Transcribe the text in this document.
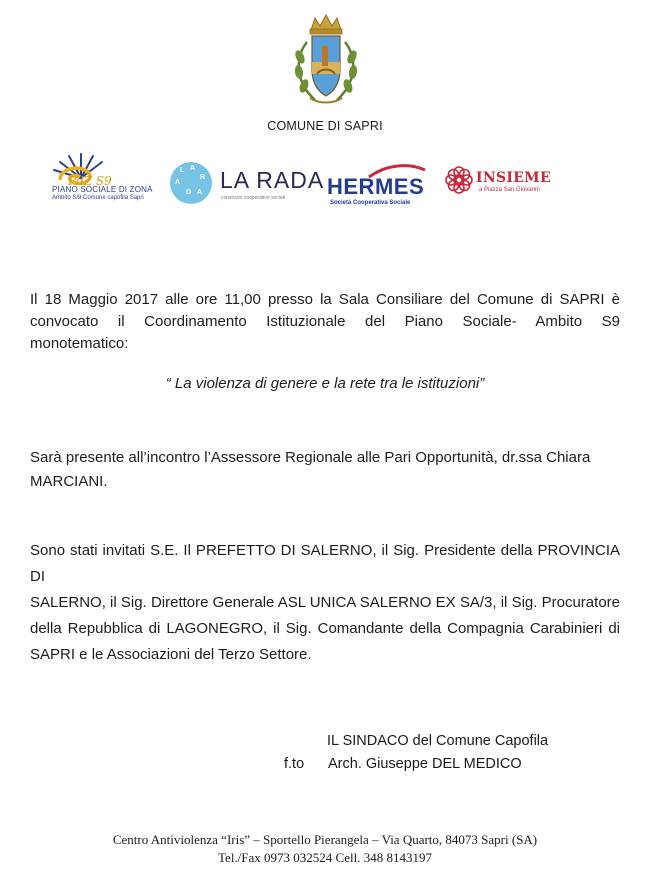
COMUNE DI SAPRI
PdZ S9
PIANO SOCIALE DI ZONA
Ambito S/9 Comune capofila Sapri
L A
R
A
D A LA RADA
consorzio cooperative sociali HERMES
Società Cooperativa Sociale
INSIEME
a Piazza San Giovanni
Il 18 Maggio 2017 alle ore 11,00 presso la Sala Consiliare del Comune di SAPRI è
convocato il Coordinamento Istituzionale del Piano Sociale- Ambito S9
monotematico:
“ La violenza di genere e la rete tra le istituzioni”
Sarà presente all’incontro l’Assessore Regionale alle Pari Opportunità, dr.ssa Chiara
MARCIANI.
Sono stati invitati S.E. Il PREFETTO DI SALERNO, il Sig. Presidente della PROVINCIA DI
SALERNO, il Sig. Direttore Generale ASL UNICA SALERNO EX SA/3, il Sig. Procuratore
della Repubblica di LAGONEGRO, il Sig. Comandante della Compagnia Carabinieri di
SAPRI e le Associazioni del Terzo Settore.
IL SINDACO del Comune Capofila
f.to Arch. Giuseppe DEL MEDICO
Centro Antiviolenza “Iris” – Sportello Pierangela – Via Quarto, 84073 Sapri (SA)
Tel./Fax 0973 032524 Cell. 348 8143197
